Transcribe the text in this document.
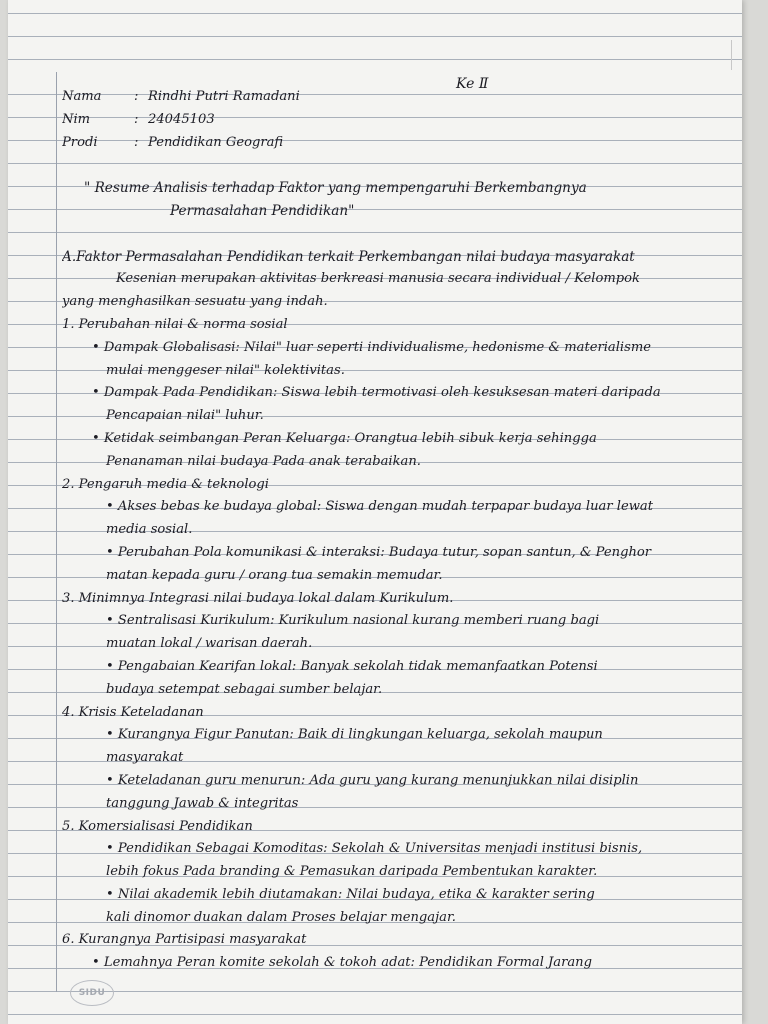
Ke Ⅱ
Nama : Rindhi Putri Ramadani
Nim	: 24045103
Prodi	: Pendidikan Geografi
" Resume Analisis terhadap Faktor yang mempengaruhi Berkembangnya
Permasalahan Pendidikan"
A.Faktor Permasalahan Pendidikan terkait Perkembangan nilai budaya masyarakat
Kesenian merupakan aktivitas berkreasi manusia secara individual / Kelompok
yang menghasilkan sesuatu yang indah.
1. Perubahan nilai & norma sosial
• Dampak Globalisasi: Nilai" luar seperti individualisme, hedonisme & materialisme
mulai menggeser nilai" kolektivitas.
• Dampak Pada Pendidikan: Siswa lebih termotivasi oleh kesuksesan materi daripada
Pencapaian nilai" luhur.
• Ketidak seimbangan Peran Keluarga: Orangtua lebih sibuk kerja sehingga
Penanaman nilai budaya Pada anak terabaikan.
2. Pengaruh media & teknologi
• Akses bebas ke budaya global: Siswa dengan mudah terpapar budaya luar lewat
media sosial.
• Perubahan Pola komunikasi & interaksi: Budaya tutur, sopan santun, & Penghor
matan kepada guru / orang tua semakin memudar.
3. Minimnya Integrasi nilai budaya lokal dalam Kurikulum.
• Sentralisasi Kurikulum: Kurikulum nasional kurang memberi ruang bagi
muatan lokal / warisan daerah.
• Pengabaian Kearifan lokal: Banyak sekolah tidak memanfaatkan Potensi
budaya setempat sebagai sumber belajar.
4. Krisis Keteladanan
• Kurangnya Figur Panutan: Baik di lingkungan keluarga, sekolah maupun
masyarakat
• Keteladanan guru menurun: Ada guru yang kurang menunjukkan nilai disiplin
tanggung Jawab & integritas
5. Komersialisasi Pendidikan
• Pendidikan Sebagai Komoditas: Sekolah & Universitas menjadi institusi bisnis,
lebih fokus Pada branding & Pemasukan daripada Pembentukan karakter.
• Nilai akademik lebih diutamakan: Nilai budaya, etika & karakter sering
kali dinomor duakan dalam Proses belajar mengajar.
6. Kurangnya Partisipasi masyarakat
• Lemahnya Peran komite sekolah & tokoh adat: Pendidikan Formal Jarang
SIDU
